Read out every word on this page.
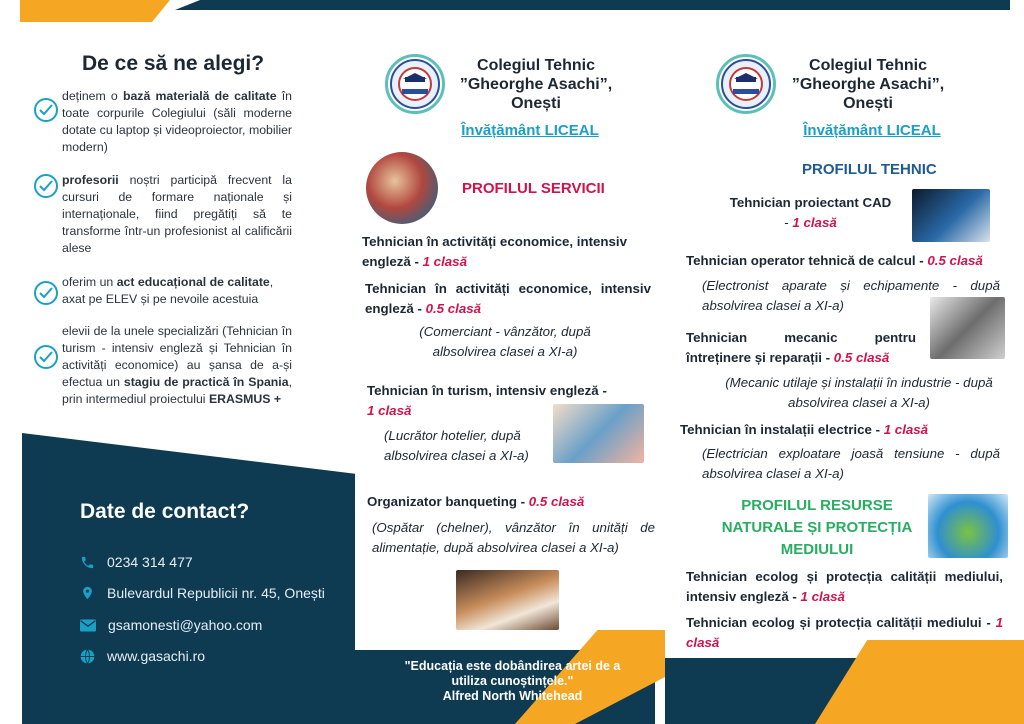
De ce să ne alegi?
deținem o bază materială de calitate în toate corpurile Colegiului (săli moderne dotate cu laptop și videoproiector, mobilier modern)
profesorii noștri participă frecvent la cursuri de formare naționale și internaționale, fiind pregătiți să te transforme într-un profesionist al calificării alese
oferim un act educațional de calitate, axat pe ELEV și pe nevoile acestuia
elevii de la unele specializări (Tehnician în turism - intensiv engleză și Tehnician în activități economice) au șansa de a-și efectua un stagiu de practică în Spania, prin intermediul proiectului ERASMUS +
Date de contact?
0234 314 477
Bulevardul Republicii nr. 45, Onești
gsamonesti@yahoo.com
www.gasachi.ro
Colegiul Tehnic
”Gheorghe Asachi”,
Onești
Învățământ LICEAL
PROFILUL SERVICII
Tehnician în activități economice, intensiv engleză - 1 clasă
Tehnician în activități economice, intensiv engleză - 0.5 clasă
(Comerciant - vânzător, după albsolvirea clasei a XI-a)
Tehnician în turism, intensiv engleză - 1 clasă
(Lucrător hotelier, după albsolvirea clasei a XI-a)
Organizator banqueting - 0.5 clasă
(Ospătar (chelner), vânzător în unități de alimentație, după absolvirea clasei a XI-a)
"Educația este dobândirea artei de a utiliza cunoștințele."
Alfred North Whitehead
Colegiul Tehnic
”Gheorghe Asachi”,
Onești
Învățământ LICEAL
PROFILUL TEHNIC
Tehnician proiectant CAD
- 1 clasă
Tehnician operator tehnică de calcul - 0.5 clasă
(Electronist aparate și echipamente - după absolvirea clasei a XI-a)
Tehnician mecanic pentru întreținere și reparații - 0.5 clasă
(Mecanic utilaje și instalații în industrie - după absolvirea clasei a XI-a)
Tehnician în instalații electrice - 1 clasă
(Electrician exploatare joasă tensiune - după absolvirea clasei a XI-a)
PROFILUL RESURSE
NATURALE ȘI PROTECȚIA
MEDIULUI
Tehnician ecolog și protecția calității mediului, intensiv engleză - 1 clasă
Tehnician ecolog și protecția calității mediului - 1 clasă
